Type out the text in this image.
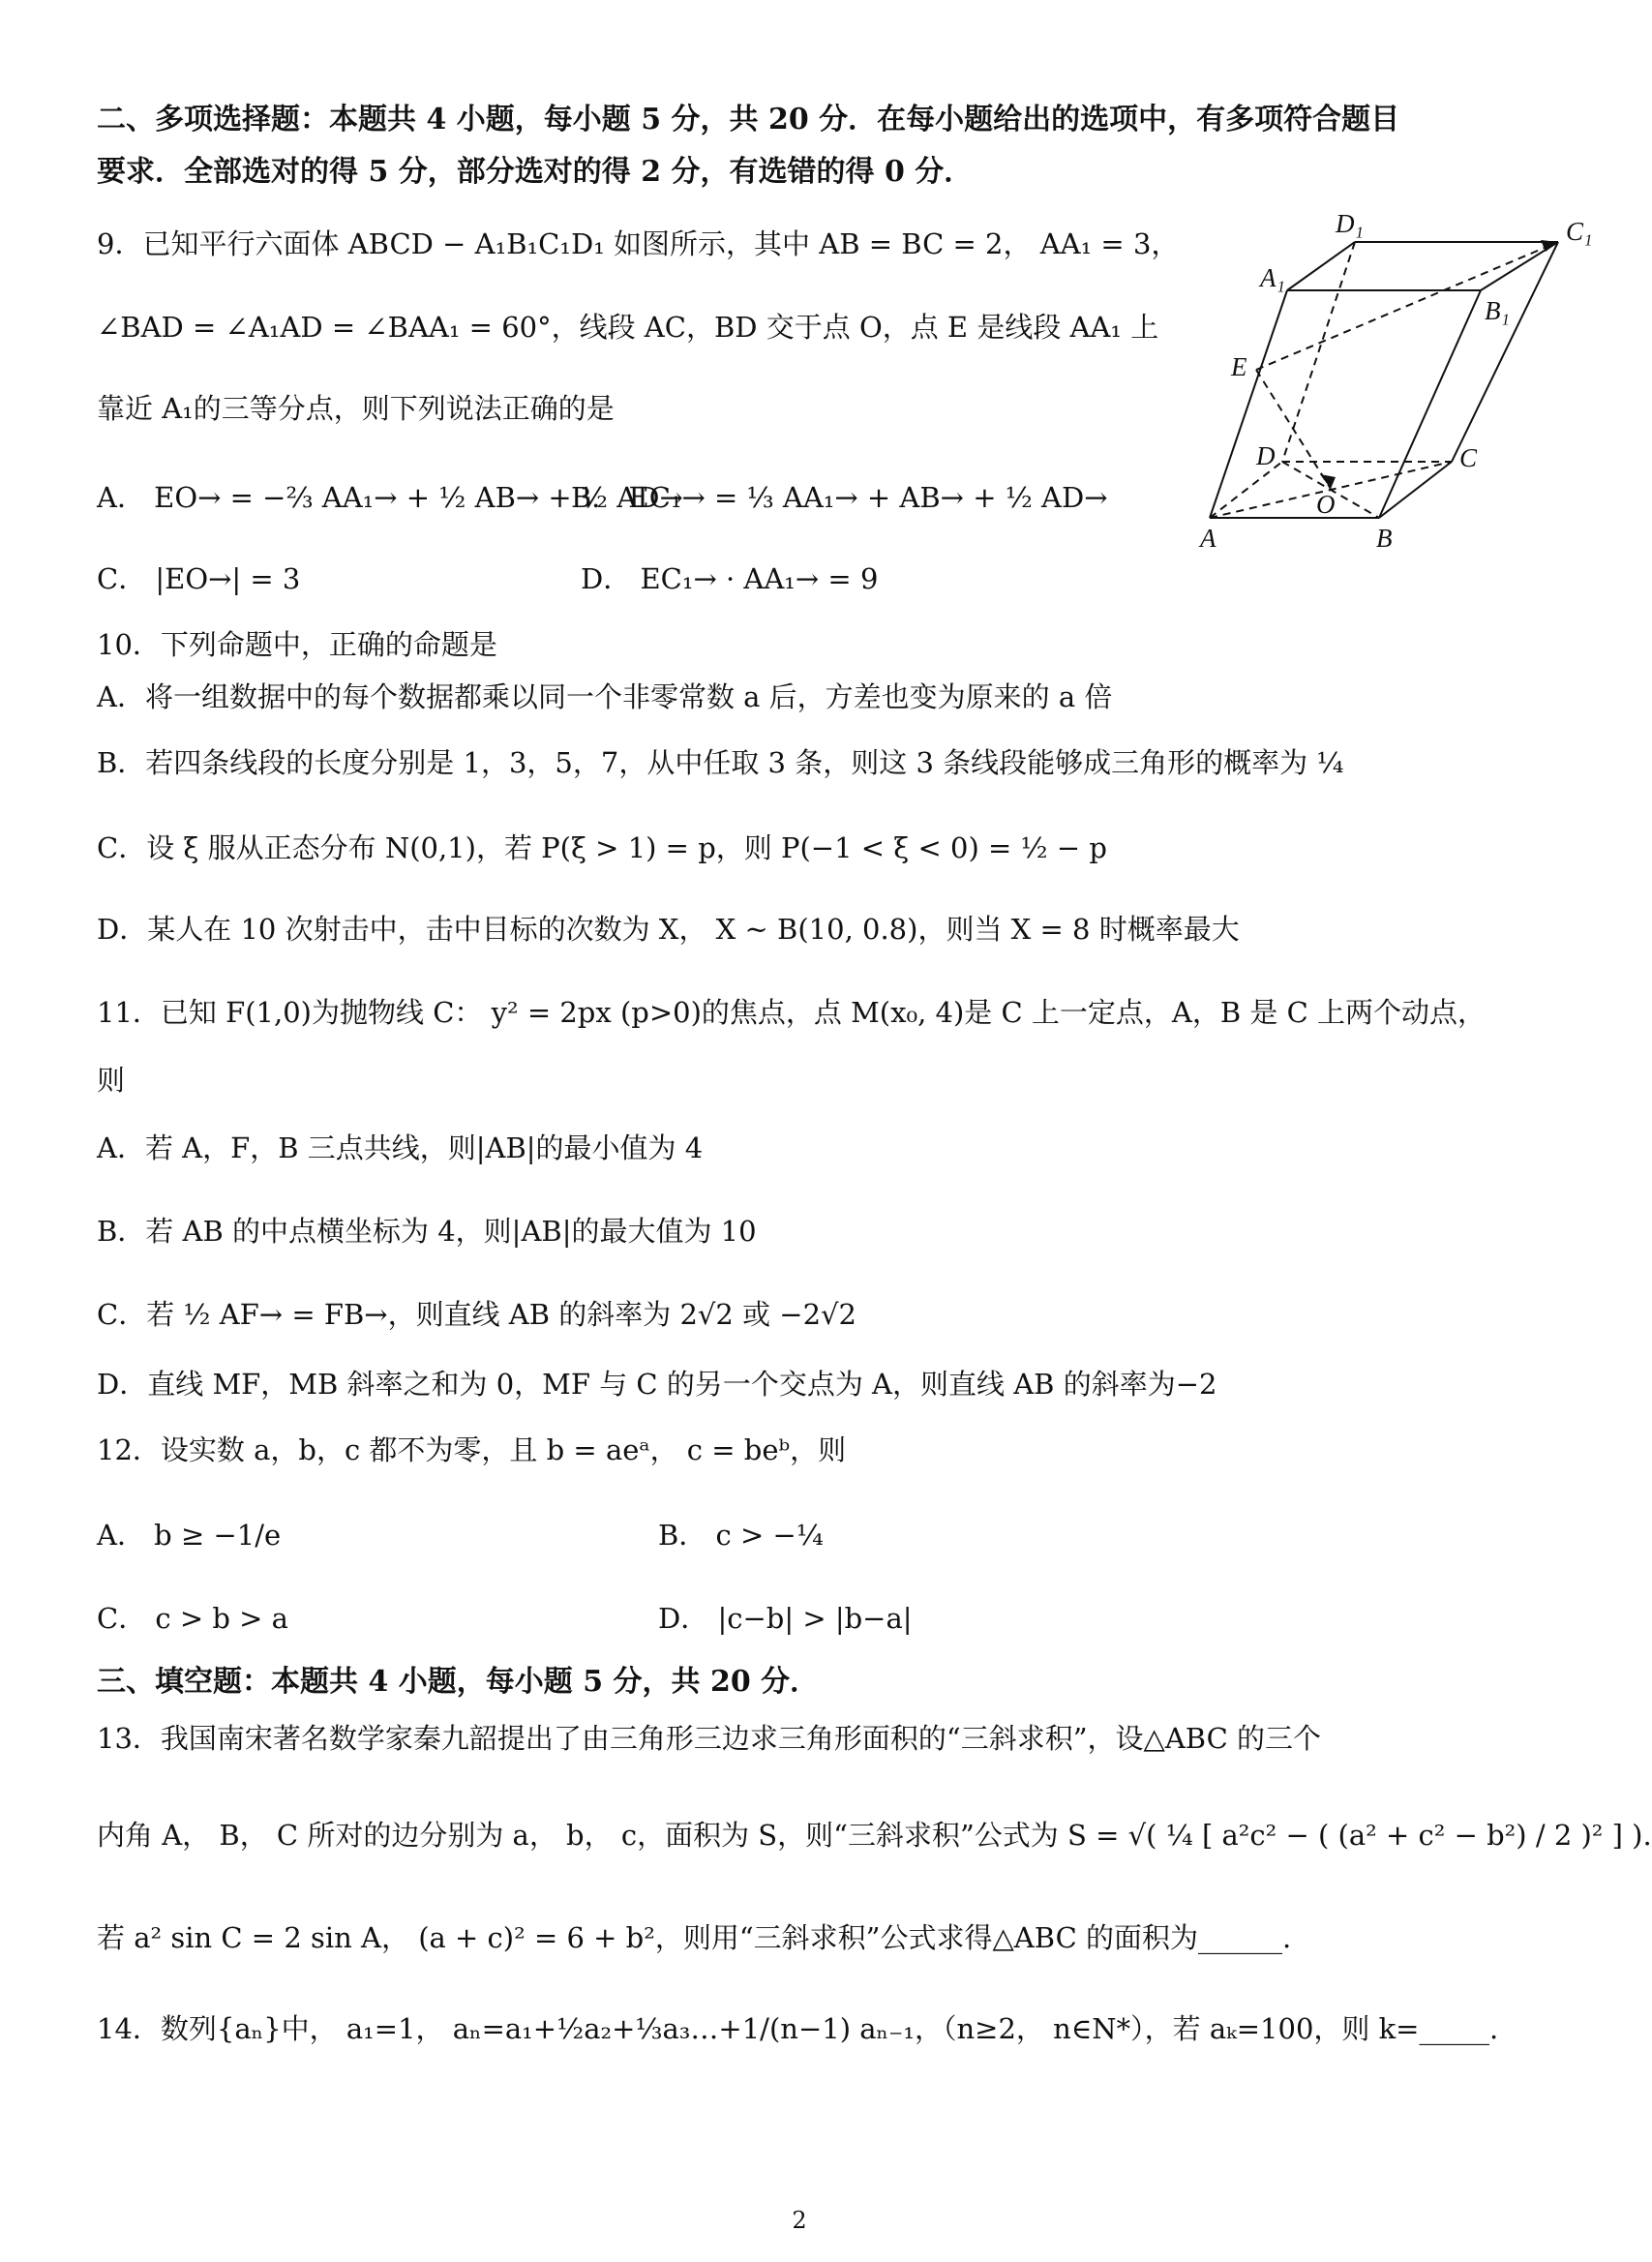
二、多项选择题：本题共 4 小题，每小题 5 分，共 20 分．在每小题给出的选项中，有多项符合题目
要求．全部选对的得 5 分，部分选对的得 2 分，有选错的得 0 分．
9．已知平行六面体 ABCD − A₁B₁C₁D₁ 如图所示，其中 AB = BC = 2， AA₁ = 3，
∠BAD = ∠A₁AD = ∠BAA₁ = 60°，线段 AC，BD 交于点 O，点 E 是线段 AA₁ 上
靠近 A₁的三等分点，则下列说法正确的是
A． EO→ = −⅔ AA₁→ + ½ AB→ + ½ AD→
B． EC₁→ = ⅓ AA₁→ + AB→ + ½ AD→
C． |EO→| = 3	D． EC₁→ · AA₁→ = 9
D₁	C₁
A₁
B₁
E
D	C
O
A	B
10．下列命题中，正确的命题是
A．将一组数据中的每个数据都乘以同一个非零常数 a 后，方差也变为原来的 a 倍
B．若四条线段的长度分别是 1，3，5，7，从中任取 3 条，则这 3 条线段能够成三角形的概率为 ¼
C．设 ξ 服从正态分布 N(0,1)，若 P(ξ > 1) = p，则 P(−1 < ξ < 0) = ½ − p
D．某人在 10 次射击中，击中目标的次数为 X， X ~ B(10, 0.8)，则当 X = 8 时概率最大
11．已知 F(1,0)为抛物线 C： y² = 2px (p>0)的焦点，点 M(x₀, 4)是 C 上一定点，A，B 是 C 上两个动点，
则
A．若 A，F，B 三点共线，则|AB|的最小值为 4
B．若 AB 的中点横坐标为 4，则|AB|的最大值为 10
C．若 ½ AF→ = FB→，则直线 AB 的斜率为 2√2 或 −2√2
D．直线 MF，MB 斜率之和为 0，MF 与 C 的另一个交点为 A，则直线 AB 的斜率为−2
12．设实数 a，b，c 都不为零，且 b = aeᵃ， c = beᵇ，则
A． b ≥ −1/e	B． c > −¼
C． c > b > a	D． |c−b| > |b−a|
三、填空题：本题共 4 小题，每小题 5 分，共 20 分．
13．我国南宋著名数学家秦九韶提出了由三角形三边求三角形面积的“三斜求积”，设△ABC 的三个
内角 A， B， C 所对的边分别为 a， b， c，面积为 S，则“三斜求积”公式为 S = √( ¼ [ a²c² − ( (a² + c² − b²) / 2 )² ] ).
若 a² sin C = 2 sin A， (a + c)² = 6 + b²，则用“三斜求积”公式求得△ABC 的面积为______.
14．数列{aₙ}中， a₁=1， aₙ=a₁+½a₂+⅓a₃…+1/(n−1) aₙ₋₁，（n≥2， n∈N*），若 aₖ=100，则 k=_____.
2
